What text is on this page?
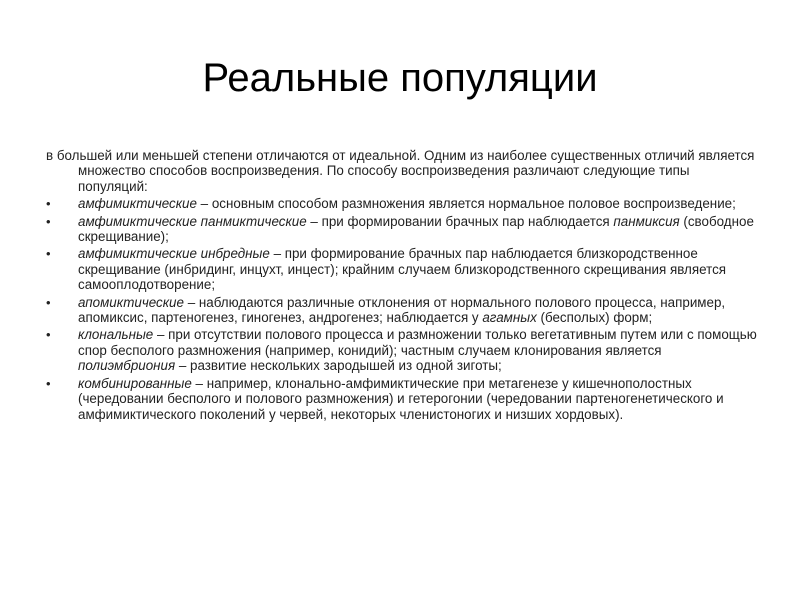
Реальные популяции

в большей или меньшей степени отличаются от идеальной. Одним из наиболее существенных отличий является множество способов воспроизведения. По способу воспроизведения различают следующие типы популяций:

•	амфимиктические – основным способом размножения является нормальное половое воспроизведение;
•	амфимиктические панмиктические – при формировании брачных пар наблюдается панмиксия (свободное скрещивание);
•	амфимиктические инбредные – при формирование брачных пар наблюдается близкородственное скрещивание (инбридинг, инцухт, инцест); крайним случаем близкородственного скрещивания является самооплодотворение;
•	апомиктические – наблюдаются различные отклонения от нормального полового процесса, например, апомиксис, партеногенез, гиногенез, андрогенез; наблюдается у агамных (бесполых) форм;
•	клональные – при отсутствии полового процесса и размножении только вегетативным путем или с помощью спор бесполого размножения (например, конидий); частным случаем клонирования является полиэмбриония – развитие нескольких зародышей из одной зиготы;
•	комбинированные – например, клонально-амфимиктические при метагенезе у кишечнополостных (чередовании бесполого и полового размножения) и гетерогонии (чередовании партеногенетического и амфимиктического поколений у червей, некоторых членистоногих и низших хордовых).
